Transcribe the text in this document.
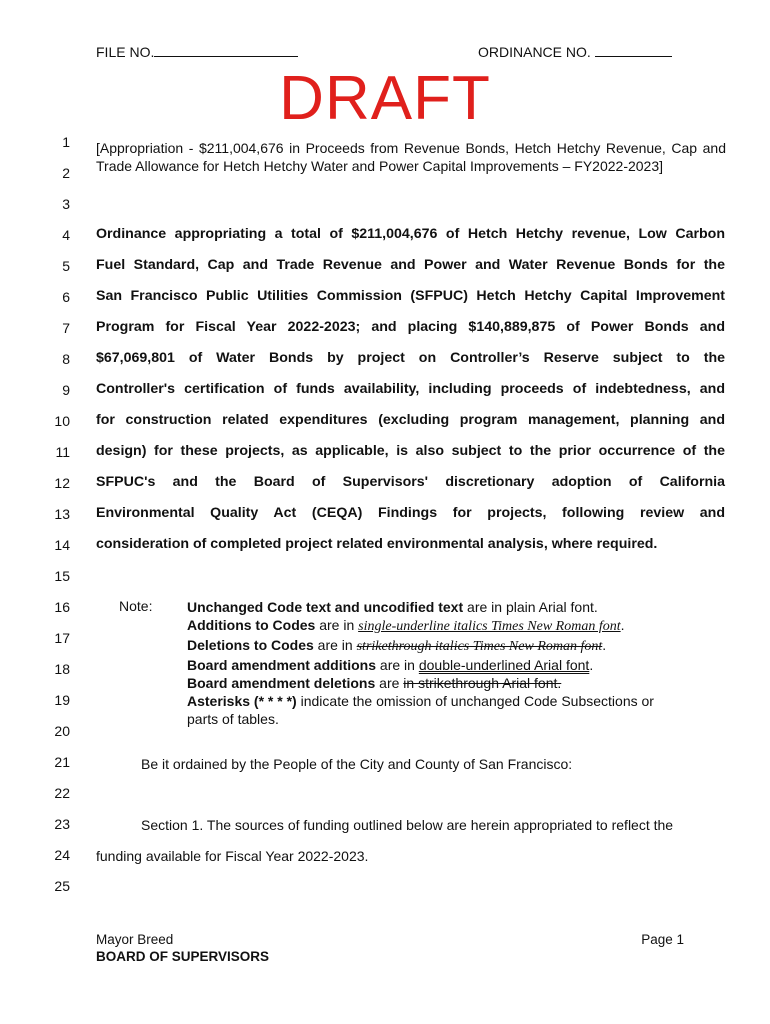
FILE NO.	ORDINANCE NO.
DRAFT
1
2
3
4
5
6
7
8
9
10
11
12
13
14
15
16
17
18
19
20
21
22
23
24
25
[Appropriation - $211,004,676 in Proceeds from Revenue Bonds, Hetch Hetchy Revenue, Cap and Trade Allowance for Hetch Hetchy Water and Power Capital Improvements – FY2022-2023]
Ordinance appropriating a total of $211,004,676 of Hetch Hetchy revenue, Low Carbon
Fuel Standard, Cap and Trade Revenue and Power and Water Revenue Bonds for the
San Francisco Public Utilities Commission (SFPUC) Hetch Hetchy Capital Improvement
Program for Fiscal Year 2022-2023; and placing $140,889,875 of Power Bonds and
$67,069,801 of Water Bonds by project on Controller’s Reserve subject to the
Controller's certification of funds availability, including proceeds of indebtedness, and
for construction related expenditures (excluding program management, planning and
design) for these projects, as applicable, is also subject to the prior occurrence of the
SFPUC's and the Board of Supervisors' discretionary adoption of California
Environmental Quality Act (CEQA) Findings for projects, following review and
consideration of completed project related environmental analysis, where required.
Note: Unchanged Code text and uncodified text are in plain Arial font.
Additions to Codes are in single-underline italics Times New Roman font.
Deletions to Codes are in strikethrough italics Times New Roman font.
Board amendment additions are in double-underlined Arial font.
Board amendment deletions are in strikethrough Arial font.
Asterisks (* * * *) indicate the omission of unchanged Code Subsections or parts of tables.
Be it ordained by the People of the City and County of San Francisco:
Section 1. The sources of funding outlined below are herein appropriated to reflect the
funding available for Fiscal Year 2022-2023.
Mayor Breed
BOARD OF SUPERVISORS
Page 1
